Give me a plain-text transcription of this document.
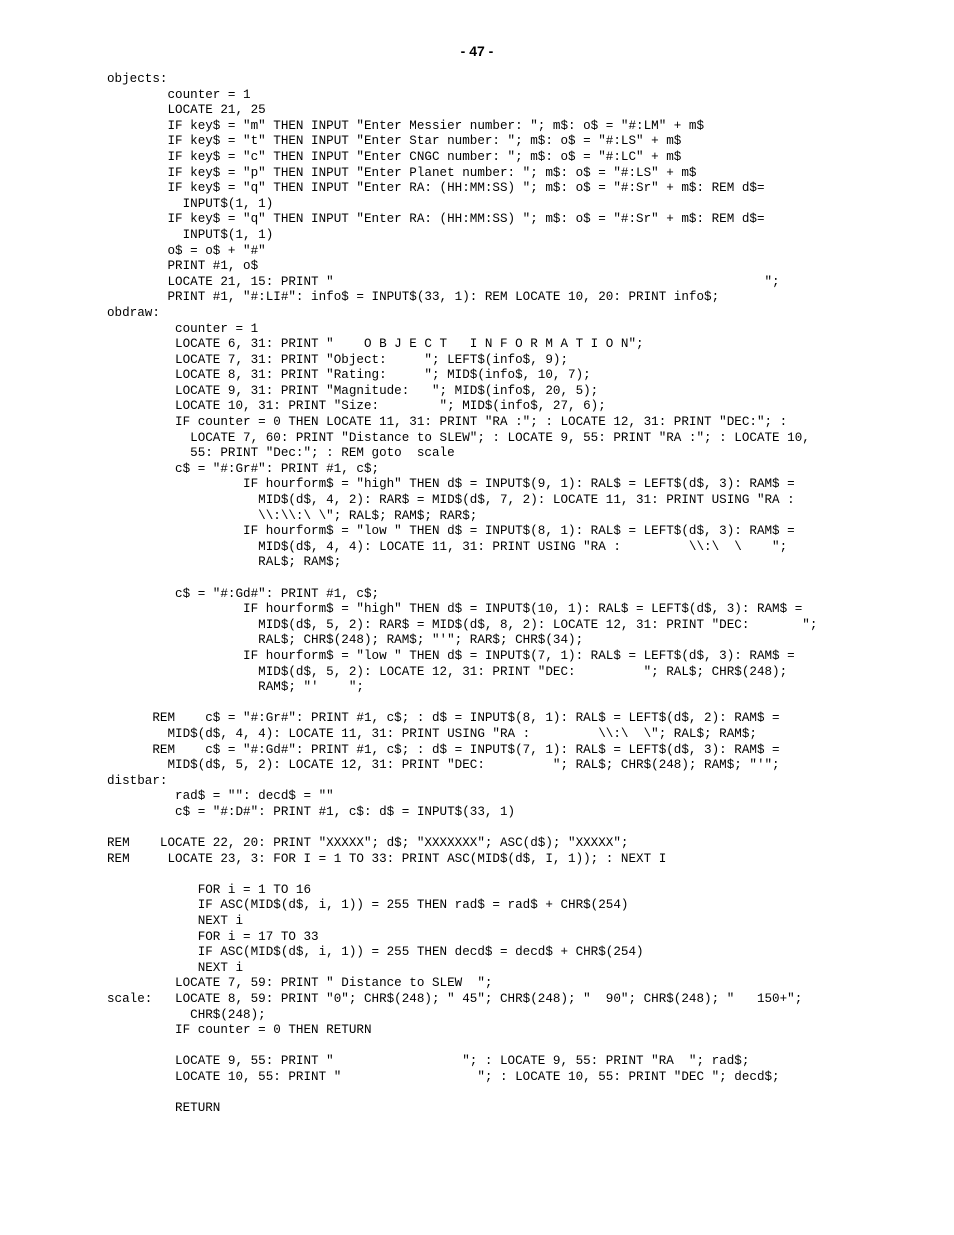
- 47 -
objects:
counter = 1
LOCATE 21, 25
IF key$ = "m" THEN INPUT "Enter Messier number: "; m$: o$ = "#:LM" + m$
IF key$ = "t" THEN INPUT "Enter Star number: "; m$: o$ = "#:LS" + m$
IF key$ = "c" THEN INPUT "Enter CNGC number: "; m$: o$ = "#:LC" + m$
IF key$ = "p" THEN INPUT "Enter Planet number: "; m$: o$ = "#:LS" + m$
IF key$ = "q" THEN INPUT "Enter RA: (HH:MM:SS) "; m$: o$ = "#:Sr" + m$: REM d$=
INPUT$(1, 1)
IF key$ = "q" THEN INPUT "Enter RA: (HH:MM:SS) "; m$: o$ = "#:Sr" + m$: REM d$=
INPUT$(1, 1)
o$ = o$ + "#"
PRINT #1, o$
LOCATE 21, 15: PRINT "                                                         ";
PRINT #1, "#:LI#": info$ = INPUT$(33, 1): REM LOCATE 10, 20: PRINT info$;
obdraw:
counter = 1
LOCATE 6, 31: PRINT "    O B J E C T   I N F O R M A T I O N";
LOCATE 7, 31: PRINT "Object:     "; LEFT$(info$, 9);
LOCATE 8, 31: PRINT "Rating:     "; MID$(info$, 10, 7);
LOCATE 9, 31: PRINT "Magnitude:   "; MID$(info$, 20, 5);
LOCATE 10, 31: PRINT "Size:        "; MID$(info$, 27, 6);
IF counter = 0 THEN LOCATE 11, 31: PRINT "RA :"; : LOCATE 12, 31: PRINT "DEC:"; :
LOCATE 7, 60: PRINT "Distance to SLEW"; : LOCATE 9, 55: PRINT "RA :"; : LOCATE 10,
55: PRINT "Dec:"; : REM goto  scale
c$ = "#:Gr#": PRINT #1, c$;
IF hourform$ = "high" THEN d$ = INPUT$(9, 1): RAL$ = LEFT$(d$, 3): RAM$ =
MID$(d$, 4, 2): RAR$ = MID$(d$, 7, 2): LOCATE 11, 31: PRINT USING "RA :
\\:\\:\ \"; RAL$; RAM$; RAR$;
IF hourform$ = "low " THEN d$ = INPUT$(8, 1): RAL$ = LEFT$(d$, 3): RAM$ =
MID$(d$, 4, 4): LOCATE 11, 31: PRINT USING "RA :         \\:\  \    ";
RAL$; RAM$;
c$ = "#:Gd#": PRINT #1, c$;
IF hourform$ = "high" THEN d$ = INPUT$(10, 1): RAL$ = LEFT$(d$, 3): RAM$ =
MID$(d$, 5, 2): RAR$ = MID$(d$, 8, 2): LOCATE 12, 31: PRINT "DEC:       ";
RAL$; CHR$(248); RAM$; "'"; RAR$; CHR$(34);
IF hourform$ = "low " THEN d$ = INPUT$(7, 1): RAL$ = LEFT$(d$, 3): RAM$ =
MID$(d$, 5, 2): LOCATE 12, 31: PRINT "DEC:         "; RAL$; CHR$(248);
RAM$; "'    ";
REM    c$ = "#:Gr#": PRINT #1, c$; : d$ = INPUT$(8, 1): RAL$ = LEFT$(d$, 2): RAM$ =
MID$(d$, 4, 4): LOCATE 11, 31: PRINT USING "RA :         \\:\  \"; RAL$; RAM$;
REM    c$ = "#:Gd#": PRINT #1, c$; : d$ = INPUT$(7, 1): RAL$ = LEFT$(d$, 3): RAM$ =
MID$(d$, 5, 2): LOCATE 12, 31: PRINT "DEC:         "; RAL$; CHR$(248); RAM$; "'";
distbar:
rad$ = "": decd$ = ""
c$ = "#:D#": PRINT #1, c$: d$ = INPUT$(33, 1)
REM    LOCATE 22, 20: PRINT "XXXXX"; d$; "XXXXXXX"; ASC(d$); "XXXXX";
REM     LOCATE 23, 3: FOR I = 1 TO 33: PRINT ASC(MID$(d$, I, 1)); : NEXT I
FOR i = 1 TO 16
IF ASC(MID$(d$, i, 1)) = 255 THEN rad$ = rad$ + CHR$(254)
NEXT i
FOR i = 17 TO 33
IF ASC(MID$(d$, i, 1)) = 255 THEN decd$ = decd$ + CHR$(254)
NEXT i
LOCATE 7, 59: PRINT " Distance to SLEW  ";
scale:   LOCATE 8, 59: PRINT "0"; CHR$(248); " 45"; CHR$(248); "  90"; CHR$(248); "   150+";
CHR$(248);
IF counter = 0 THEN RETURN
LOCATE 9, 55: PRINT "                 "; : LOCATE 9, 55: PRINT "RA  "; rad$;
LOCATE 10, 55: PRINT "                  "; : LOCATE 10, 55: PRINT "DEC "; decd$;
RETURN
